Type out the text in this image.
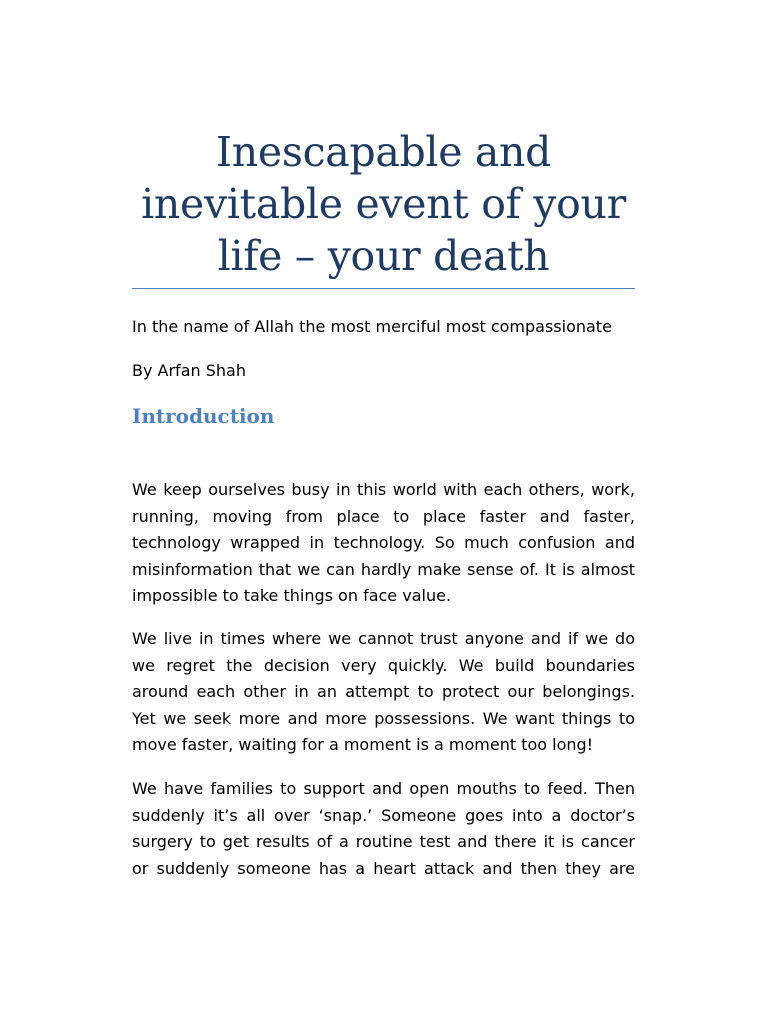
Inescapable and
inevitable event of your
life – your death
In the name of Allah the most merciful most compassionate
By Arfan Shah
Introduction
We keep ourselves busy in this world with each others, work,
running, moving from place to place faster and faster,
technology wrapped in technology. So much confusion and
misinformation that we can hardly make sense of. It is almost
impossible to take things on face value.
We live in times where we cannot trust anyone and if we do
we regret the decision very quickly. We build boundaries
around each other in an attempt to protect our belongings.
Yet we seek more and more possessions. We want things to
move faster, waiting for a moment is a moment too long!
We have families to support and open mouths to feed. Then
suddenly it’s all over ‘snap.’ Someone goes into a doctor’s
surgery to get results of a routine test and there it is cancer
or suddenly someone has a heart attack and then they are
